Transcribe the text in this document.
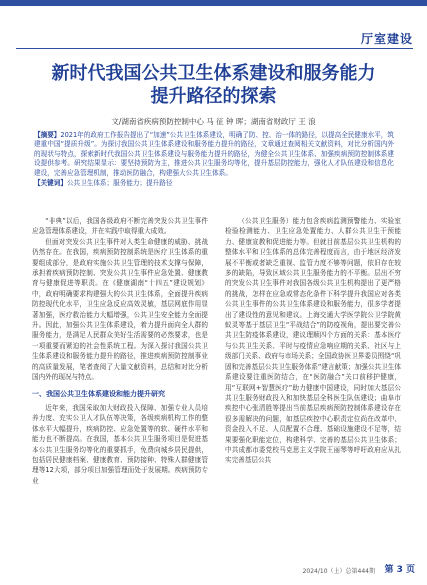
厅室建设
新时代我国公共卫生体系建设和服务能力
提升路径的探索
文/湖南省疾病预防控制中心 马 征 钟 晖；湖南省财政厅 王 浪
【摘要】2021年的政府工作报告提出了“加速”公共卫生体系建设，明确了防、控、治一体的路径，以提高全民健康水平，筑建重中国“提质升级”。为探讨我国公共卫生体系建设和服务能力提升的路径，文章通过查阅相关文献资料，对比分析国内外的现状与特点，探索新时代我国公共卫生体系建设与服务能力提升的路径，为健全公共卫生体系、加强疾病预防控制体系建设提供参考。研究结果显示：要坚持预防为主，推进公共卫生服务均等化，提升基层防控能力，强化人才队伍建设和信息化建设，完善应急管理机制，推动医防融合，构建强大公共卫生体系。
【关键词】公共卫生体系；服务能力；提升路径

“非典”以后，我国各级政府不断完善突发公共卫生事件应急管理体系建设，并在实践中取得重大成效。

但面对突发公共卫生事件对人类生命健康的威胁、挑战仍然存在。在我国，疾病预防控制系统是医疗卫生体系的重要组成部分，是政府实施公共卫生管理的技术支撑与保障，承担着疾病预防控制、突发公共卫生事件应急处置、健康教育与健康促进等职责。在《健康湖南“十四五”建设规划》中，政府明确要求构建强大的公共卫生体系，全面提升疾病防控现代化水平，卫生应急反应高效灵敏，基层网底作用显著加强，医疗救治能力大幅增强，公共卫生安全能力全面提升。因此，加强公共卫生体系建设，着力提升面向全人群的服务能力，是满足人民群众美好生活需要的必然要求，也是一项重要而紧迫的社会性系统工程。为深入探讨我国公共卫生体系建设和服务能力提升的路径，推进疾病预防控制事业的高质量发展，笔者查阅了大量文献资料，总结和对比分析国内外的现况与特点。

一、我国公共卫生体系建设和能力提升研究

近年来，我国采取加大财政投入保障、加强专业人员培养力度、充实公卫人才队伍等决策，各级疾病机构工作的整体水平大幅提升，疾病防控、应急处置等的软、硬件水平和能力也不断提高。在我国，基本公共卫生服务项目是促进基本公共卫生服务均等化的重要抓手，免费向城乡居民提供，包括居民健康档案、健康教育、预防接种、特殊人群健康管理等12大项，部分项目加强管理而处于发展期。疾病预防专业

（公共卫生服务）能力包含疾病监测预警能力、实验室检验检测能力、卫生应急处置能力、人群公共卫生干预能力、健康宣教和促进能力等。但就目前基层公共卫生机构的整体水平和卫生体系的总体完善程度而言，由于地区经济发展不平衡或者缺乏重视、监管力度不够等问题，依旧存在较多的缺陷，导致区域公共卫生服务能力的不平衡。层出不穷的突发公共卫生事件对我国各级公共卫生机构提出了更严格的挑战，怎样在应急或常态化条件下科学提升我国应对各类公共卫生事件的公共卫生体系建设和服务能力，很多学者提出了建设性的意见和建议。上海交通大学医学院公卫学院黄蚁灵等基于基层卫生“平战结合”的防疫视角，提出要完善公共卫生防疫体系建设，建议理顺四个方面的关系：基本医疗与公共卫生关系、平时与疫情应急响应期的关系、社区与上级部门关系、政府与市场关系；全国政协医卫界委员围绕“巩固和完善基层公共卫生服务体系”建言献策；加强公共卫生体系建设要注重医防结合，在“医防融合”关口前移护健康，用“互联网+智慧医疗”助力健康中国建设，同时加大基层公共卫生服务财政投入和加快基层全科医生队伍建设；曲阜市疾控中心张清胜等提出当前基层疾病预防控制体系建设存在很多需解决的问题，如基层疾控中心职责定位尚在改革中、资金投入不足、人员配置不合理、基础设施建设不足等，结果要强化职能定位，构建科学、完善的基层公共卫生体系；中共成都市委党校马克思主义学院王丽琴等呼吁政府应从扎实完善基层公共

2024/10（上）总第444期 第 3 页
